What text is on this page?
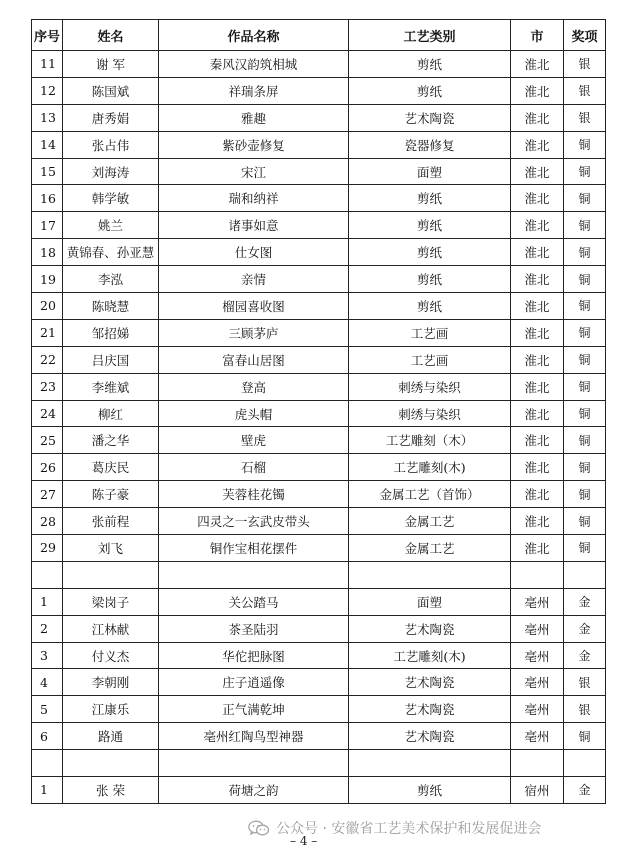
序号	姓名	作品名称	工艺类别	市	奖项
11	谢 军	秦风汉韵筑相城	剪纸	淮北	银
12	陈国斌	祥瑞条屏	剪纸	淮北	银
13	唐秀娟	雅趣	艺术陶瓷	淮北	银
14	张占伟	紫砂壶修复	瓷器修复	淮北	铜
15	刘海涛	宋江	面塑	淮北	铜
16	韩学敏	瑞和纳祥	剪纸	淮北	铜
17	姚兰	诸事如意	剪纸	淮北	铜
18	黄锦春、孙亚慧	仕女图	剪纸	淮北	铜
19	李泓	亲情	剪纸	淮北	铜
20	陈晓慧	榴园喜收图	剪纸	淮北	铜
21	邹招娣	三顾茅庐	工艺画	淮北	铜
22	吕庆国	富春山居图	工艺画	淮北	铜
23	李维斌	登高	刺绣与染织	淮北	铜
24	柳红	虎头帽	刺绣与染织	淮北	铜
25	潘之华	壁虎	工艺雕刻（木）	淮北	铜
26	葛庆民	石榴	工艺雕刻(木)	淮北	铜
27	陈子豪	芙蓉桂花镯	金属工艺（首饰）	淮北	铜
28	张前程	四灵之一玄武皮带头	金属工艺	淮北	铜
29	刘飞	铜作宝相花摆件	金属工艺	淮北	铜

1	梁岗子	关公踏马	面塑	亳州	金
2	江林献	茶圣陆羽	艺术陶瓷	亳州	金
3	付义杰	华佗把脉图	工艺雕刻(木)	亳州	金
4	李朝刚	庄子逍遥像	艺术陶瓷	亳州	银
5	江康乐	正气满乾坤	艺术陶瓷	亳州	银
6	路通	亳州红陶鸟型神器	艺术陶瓷	亳州	铜

1	张 荣	荷塘之韵	剪纸	宿州	金
公众号 · 安徽省工艺美术保护和发展促进会
– 4 –
